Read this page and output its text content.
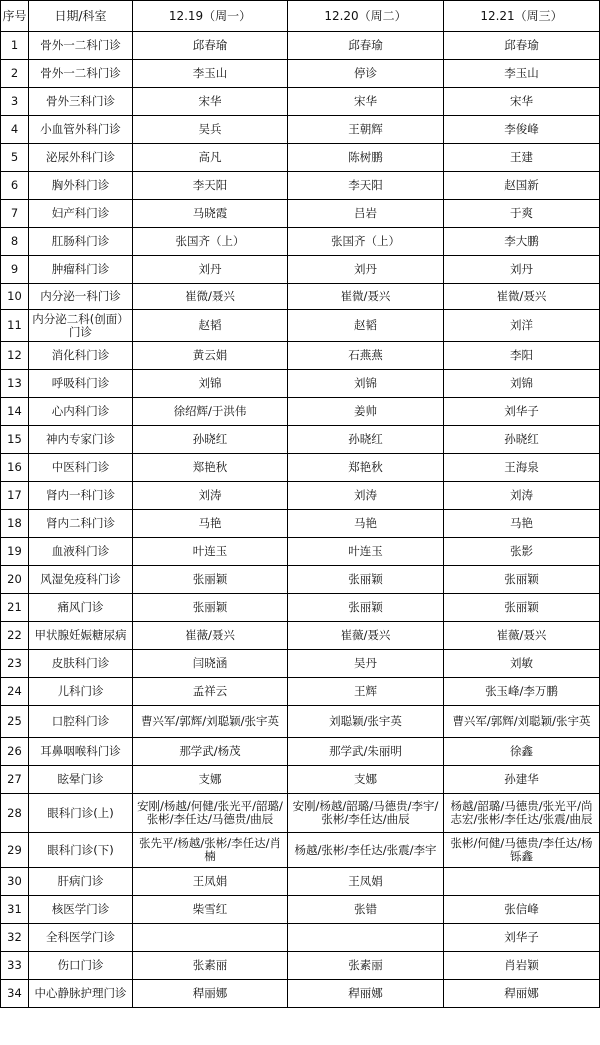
序号	日期/科室	12.19（周一）	12.20（周二）	12.21（周三）
1	骨外一二科门诊	邱春瑜	邱春瑜	邱春瑜
2	骨外一二科门诊	李玉山	停诊	李玉山
3	骨外三科门诊	宋华	宋华	宋华
4	小血管外科门诊	吴兵	王朝辉	李俊峰
5	泌尿外科门诊	高凡	陈树鹏	王建
6	胸外科门诊	李天阳	李天阳	赵国新
7	妇产科门诊	马晓霞	吕岩	于爽
8	肛肠科门诊	张国齐（上）	张国齐（上）	李大鹏
9	肿瘤科门诊	刘丹	刘丹	刘丹
10	内分泌一科门诊	崔微/聂兴	崔微/聂兴	崔微/聂兴
11	内分泌二科(创面）门诊	赵韬	赵韬	刘洋
12	消化科门诊	黄云娟	石燕燕	李阳
13	呼吸科门诊	刘锦	刘锦	刘锦
14	心内科门诊	徐绍辉/于洪伟	姜帅	刘华子
15	神内专家门诊	孙晓红	孙晓红	孙晓红
16	中医科门诊	郑艳秋	郑艳秋	王海泉
17	肾内一科门诊	刘涛	刘涛	刘涛
18	肾内二科门诊	马艳	马艳	马艳
19	血液科门诊	叶连玉	叶连玉	张影
20	风湿免疫科门诊	张丽颖	张丽颖	张丽颖
21	痛风门诊	张丽颖	张丽颖	张丽颖
22	甲状腺妊娠糖尿病	崔薇/聂兴	崔薇/聂兴	崔薇/聂兴
23	皮肤科门诊	闫晓涵	吴丹	刘敏
24	儿科门诊	孟祥云	王辉	张玉峰/李万鹏
25	口腔科门诊	曹兴军/郭辉/刘聪颖/张宇英	刘聪颖/张宇英	曹兴军/郭辉/刘聪颖/张宇英
26	耳鼻咽喉科门诊	那学武/杨茂	那学武/朱丽明	徐鑫
27	眩晕门诊	支娜	支娜	孙建华
28	眼科门诊(上)	安刚/杨越/何健/张光平/韶璐/张彬/李任达/马德贵/曲辰	安刚/杨越/韶璐/马德贵/李宇/张彬/李任达/曲辰	杨越/韶璐/马德贵/张光平/尚志宏/张彬/李任达/张震/曲辰
29	眼科门诊(下)	张先平/杨越/张彬/李任达/肖楠	杨越/张彬/李任达/张震/李宇	张彬/何健/马德贵/李任达/杨铄鑫
30	肝病门诊	王凤娟	王凤娟	
31	核医学门诊	柴雪红	张错	张信峰
32	全科医学门诊			刘华子
33	伤口门诊	张素丽	张素丽	肖岩颖
34	中心静脉护理门诊	稈丽娜	稈丽娜	稈丽娜
